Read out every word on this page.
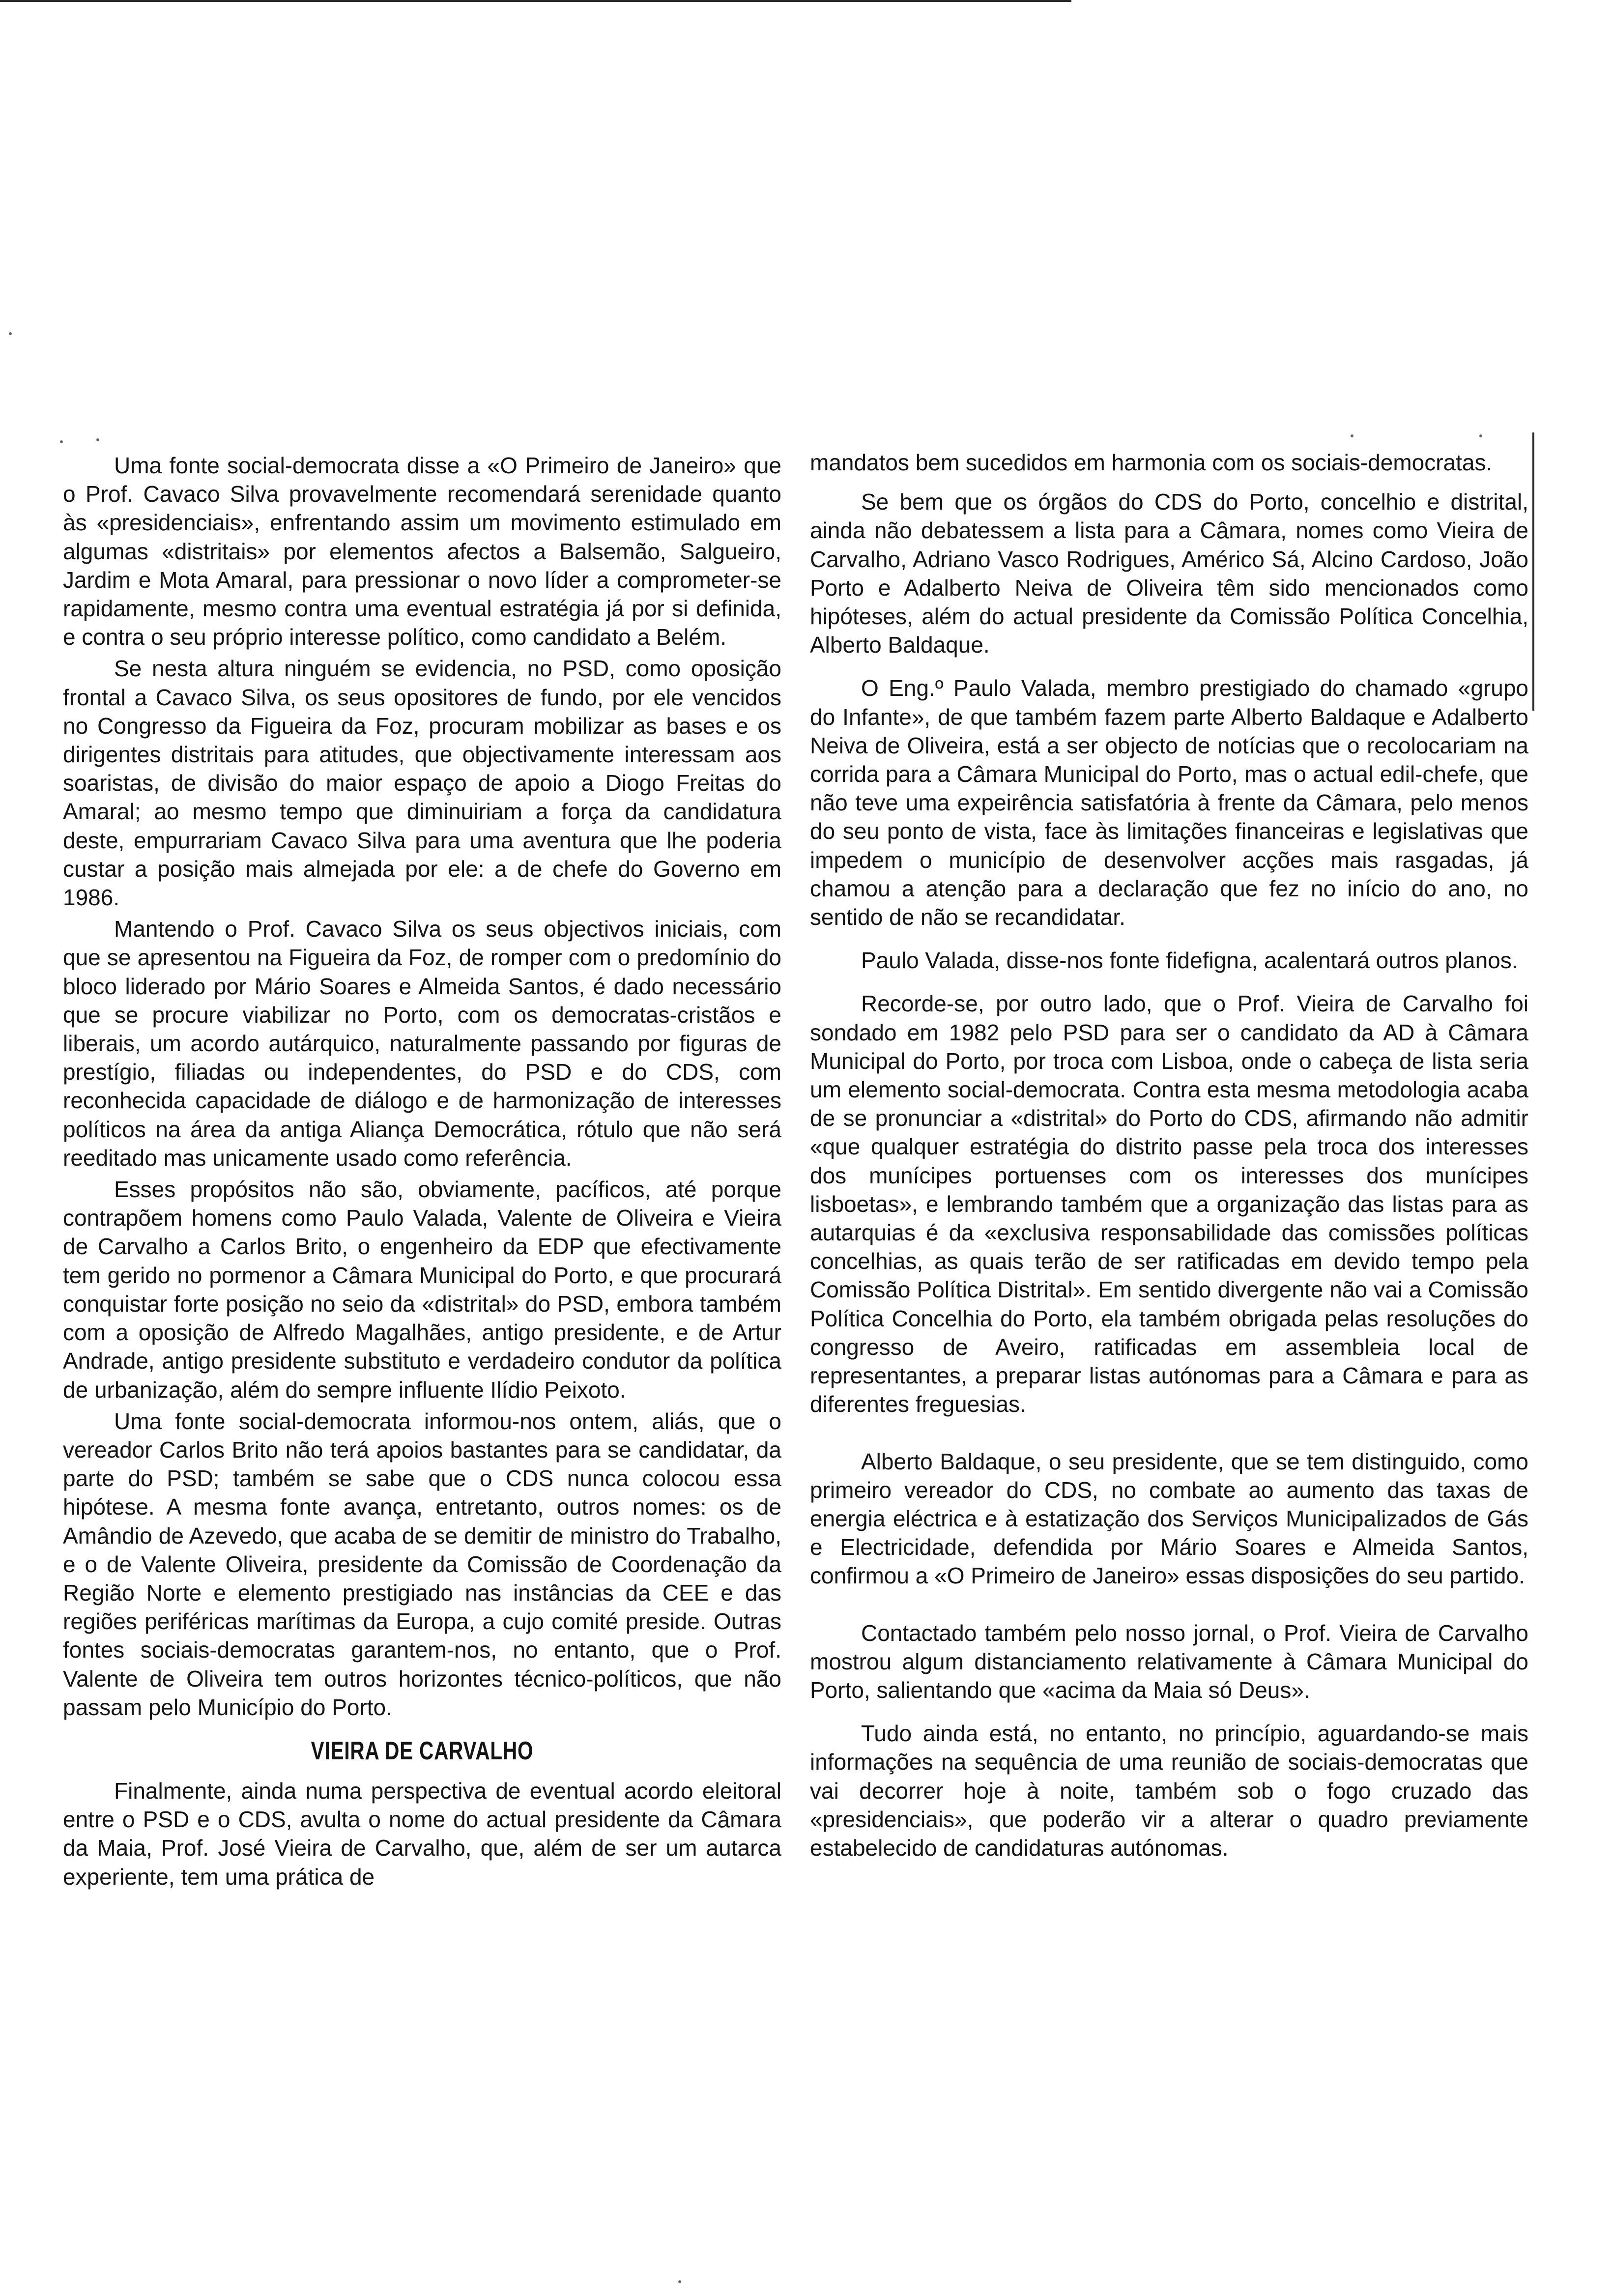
Uma fonte social-democrata disse a «O Primeiro de Janeiro» que o Prof. Cavaco Silva provavelmente recomendará serenidade quanto às «presidenciais», enfrentando assim um movimento estimulado em algumas «distritais» por elementos afectos a Balsemão, Salgueiro, Jardim e Mota Amaral, para pressionar o novo líder a comprometer-se rapidamente, mesmo contra uma eventual estratégia já por si definida, e contra o seu próprio interesse político, como candidato a Belém.

Se nesta altura ninguém se evidencia, no PSD, como oposição frontal a Cavaco Silva, os seus opositores de fundo, por ele vencidos no Congresso da Figueira da Foz, procuram mobilizar as bases e os dirigentes distritais para atitudes, que objectivamente interessam aos soaristas, de divisão do maior espaço de apoio a Diogo Freitas do Amaral; ao mesmo tempo que diminuiriam a força da candidatura deste, empurrariam Cavaco Silva para uma aventura que lhe poderia custar a posição mais almejada por ele: a de chefe do Governo em 1986.

Mantendo o Prof. Cavaco Silva os seus objectivos iniciais, com que se apresentou na Figueira da Foz, de romper com o predomínio do bloco liderado por Mário Soares e Almeida Santos, é dado necessário que se procure viabilizar no Porto, com os democratas-cristãos e liberais, um acordo autárquico, naturalmente passando por figuras de prestígio, filiadas ou independentes, do PSD e do CDS, com reconhecida capacidade de diálogo e de harmonização de interesses políticos na área da antiga Aliança Democrática, rótulo que não será reeditado mas unicamente usado como referência.

Esses propósitos não são, obviamente, pacíficos, até porque contrapõem homens como Paulo Valada, Valente de Oliveira e Vieira de Carvalho a Carlos Brito, o engenheiro da EDP que efectivamente tem gerido no pormenor a Câmara Municipal do Porto, e que procurará conquistar forte posição no seio da «distrital» do PSD, embora também com a oposição de Alfredo Magalhães, antigo presidente, e de Artur Andrade, antigo presidente substituto e verdadeiro condutor da política de urbanização, além do sempre influente Ilídio Peixoto.

Uma fonte social-democrata informou-nos ontem, aliás, que o vereador Carlos Brito não terá apoios bastantes para se candidatar, da parte do PSD; também se sabe que o CDS nunca colocou essa hipótese. A mesma fonte avança, entretanto, outros nomes: os de Amândio de Azevedo, que acaba de se demitir de ministro do Trabalho, e o de Valente Oliveira, presidente da Comissão de Coordenação da Região Norte e elemento prestigiado nas instâncias da CEE e das regiões periféricas marítimas da Europa, a cujo comité preside. Outras fontes sociais-democratas garantem-nos, no entanto, que o Prof. Valente de Oliveira tem outros horizontes técnico-políticos, que não passam pelo Município do Porto.

VIEIRA DE CARVALHO

Finalmente, ainda numa perspectiva de eventual acordo eleitoral entre o PSD e o CDS, avulta o nome do actual presidente da Câmara da Maia, Prof. José Vieira de Carvalho, que, além de ser um autarca experiente, tem uma prática de

mandatos bem sucedidos em harmonia com os sociais-democratas.

Se bem que os órgãos do CDS do Porto, concelhio e distrital, ainda não debatessem a lista para a Câmara, nomes como Vieira de Carvalho, Adriano Vasco Rodrigues, Américo Sá, Alcino Cardoso, João Porto e Adalberto Neiva de Oliveira têm sido mencionados como hipóteses, além do actual presidente da Comissão Política Concelhia, Alberto Baldaque.

O Eng.º Paulo Valada, membro prestigiado do chamado «grupo do Infante», de que também fazem parte Alberto Baldaque e Adalberto Neiva de Oliveira, está a ser objecto de notícias que o recolocariam na corrida para a Câmara Municipal do Porto, mas o actual edil-chefe, que não teve uma expeirência satisfatória à frente da Câmara, pelo menos do seu ponto de vista, face às limitações financeiras e legislativas que impedem o município de desenvolver acções mais rasgadas, já chamou a atenção para a declaração que fez no início do ano, no sentido de não se recandidatar.

Paulo Valada, disse-nos fonte fidefigna, acalentará outros planos.

Recorde-se, por outro lado, que o Prof. Vieira de Carvalho foi sondado em 1982 pelo PSD para ser o candidato da AD à Câmara Municipal do Porto, por troca com Lisboa, onde o cabeça de lista seria um elemento social-democrata. Contra esta mesma metodologia acaba de se pronunciar a «distrital» do Porto do CDS, afirmando não admitir «que qualquer estratégia do distrito passe pela troca dos interesses dos munícipes portuenses com os interesses dos munícipes lisboetas», e lembrando também que a organização das listas para as autarquias é da «exclusiva responsabilidade das comissões políticas concelhias, as quais terão de ser ratificadas em devido tempo pela Comissão Política Distrital». Em sentido divergente não vai a Comissão Política Concelhia do Porto, ela também obrigada pelas resoluções do congresso de Aveiro, ratificadas em assembleia local de representantes, a preparar listas autónomas para a Câmara e para as diferentes freguesias.

Alberto Baldaque, o seu presidente, que se tem distinguido, como primeiro vereador do CDS, no combate ao aumento das taxas de energia eléctrica e à estatização dos Serviços Municipalizados de Gás e Electricidade, defendida por Mário Soares e Almeida Santos, confirmou a «O Primeiro de Janeiro» essas disposições do seu partido.

Contactado também pelo nosso jornal, o Prof. Vieira de Carvalho mostrou algum distanciamento relativamente à Câmara Municipal do Porto, salientando que «acima da Maia só Deus».

Tudo ainda está, no entanto, no princípio, aguardando-se mais informações na sequência de uma reunião de sociais-democratas que vai decorrer hoje à noite, também sob o fogo cruzado das «presidenciais», que poderão vir a alterar o quadro previamente estabelecido de candidaturas autónomas.
